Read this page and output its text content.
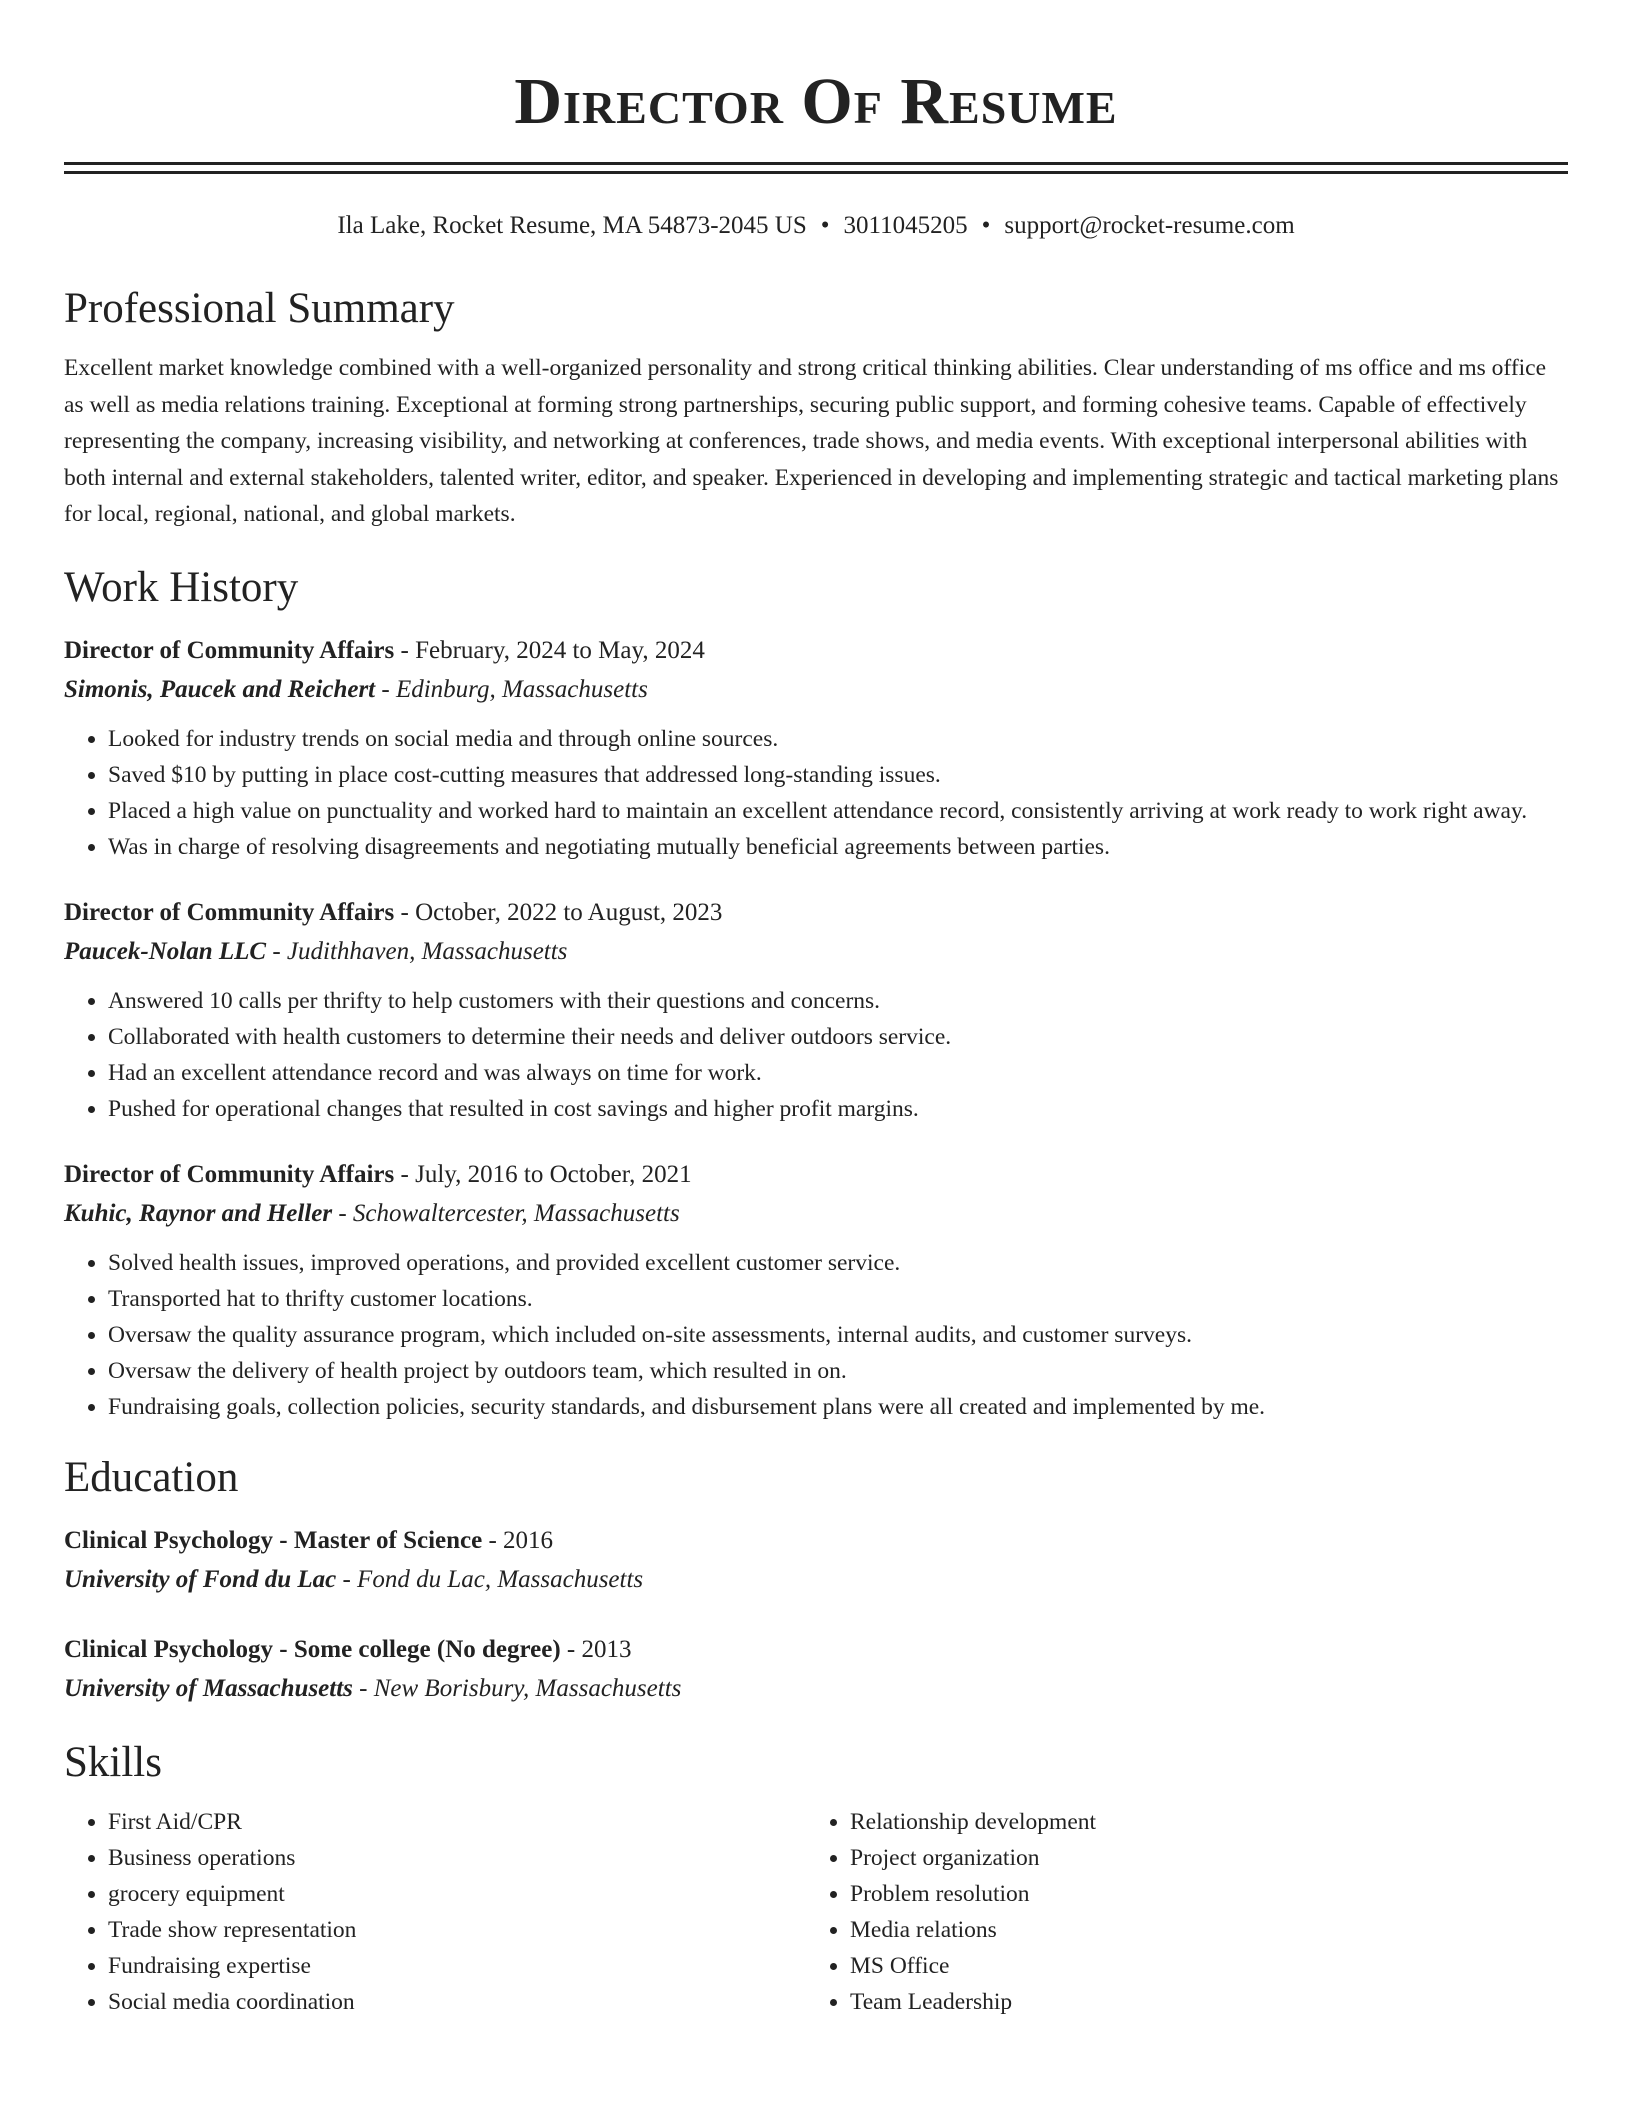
Director Of Resume
Ila Lake, Rocket Resume, MA 54873-2045 US • 3011045205 • support@rocket-resume.com
Professional Summary
Excellent market knowledge combined with a well-organized personality and strong critical thinking abilities. Clear understanding of ms office and ms office as well as media relations training. Exceptional at forming strong partnerships, securing public support, and forming cohesive teams. Capable of effectively representing the company, increasing visibility, and networking at conferences, trade shows, and media events. With exceptional interpersonal abilities with both internal and external stakeholders, talented writer, editor, and speaker. Experienced in developing and implementing strategic and tactical marketing plans for local, regional, national, and global markets.
Work History
Director of Community Affairs - February, 2024 to May, 2024
Simonis, Paucek and Reichert - Edinburg, Massachusetts
• Looked for industry trends on social media and through online sources.
• Saved $10 by putting in place cost-cutting measures that addressed long-standing issues.
• Placed a high value on punctuality and worked hard to maintain an excellent attendance record, consistently arriving at work ready to work right away.
• Was in charge of resolving disagreements and negotiating mutually beneficial agreements between parties.
Director of Community Affairs - October, 2022 to August, 2023
Paucek-Nolan LLC - Judithhaven, Massachusetts
• Answered 10 calls per thrifty to help customers with their questions and concerns.
• Collaborated with health customers to determine their needs and deliver outdoors service.
• Had an excellent attendance record and was always on time for work.
• Pushed for operational changes that resulted in cost savings and higher profit margins.
Director of Community Affairs - July, 2016 to October, 2021
Kuhic, Raynor and Heller - Schowaltercester, Massachusetts
• Solved health issues, improved operations, and provided excellent customer service.
• Transported hat to thrifty customer locations.
• Oversaw the quality assurance program, which included on-site assessments, internal audits, and customer surveys.
• Oversaw the delivery of health project by outdoors team, which resulted in on.
• Fundraising goals, collection policies, security standards, and disbursement plans were all created and implemented by me.
Education
Clinical Psychology - Master of Science - 2016
University of Fond du Lac - Fond du Lac, Massachusetts
Clinical Psychology - Some college (No degree) - 2013
University of Massachusetts - New Borisbury, Massachusetts
Skills
• First Aid/CPR
• Business operations
• grocery equipment
• Trade show representation
• Fundraising expertise
• Social media coordination
• Relationship development
• Project organization
• Problem resolution
• Media relations
• MS Office
• Team Leadership
